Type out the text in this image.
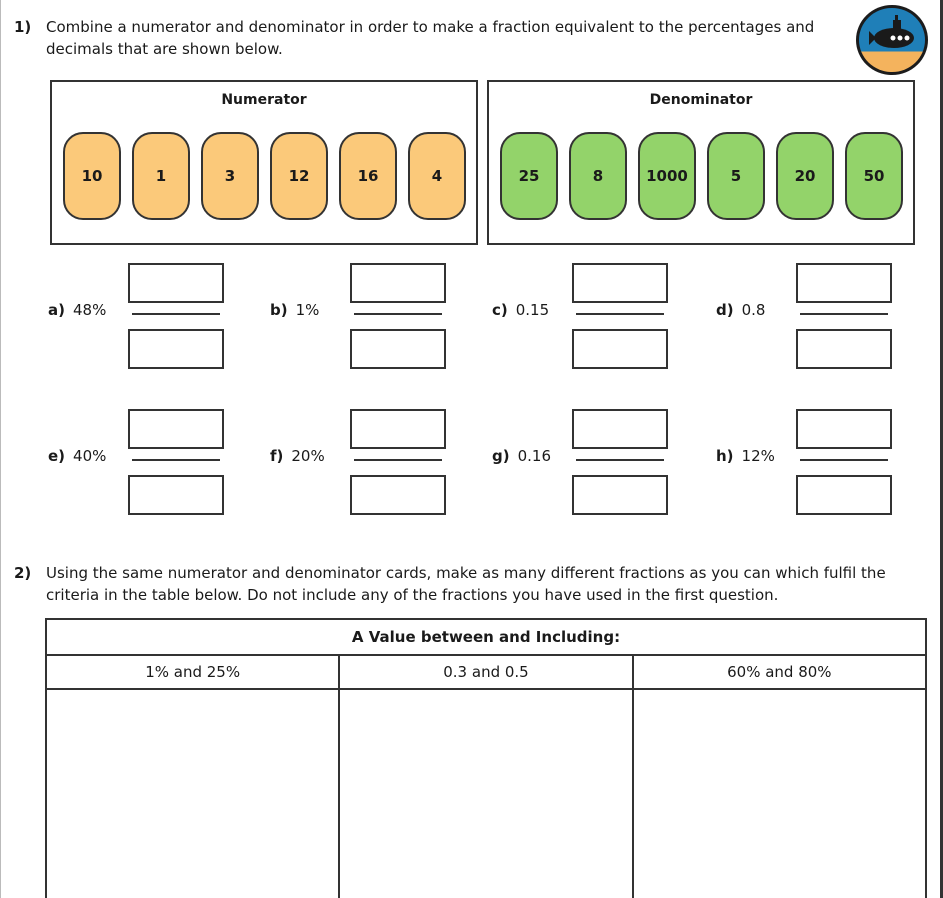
1) Combine a numerator and denominator in order to make a fraction equivalent to the percentages and
decimals that are shown below.
Numerator
10	1	3	12	16	4
Denominator
25	8	1000	5	20	50
a) 48%	b) 1%	c) 0.15	d) 0.8
e) 40%	f) 20%	g) 0.16	h) 12%
2) Using the same numerator and denominator cards, make as many different fractions as you can which fulfil the
criteria in the table below. Do not include any of the fractions you have used in the first question.
A Value between and Including:		
1% and 25%	0.3 and 0.5	60% and 80%
